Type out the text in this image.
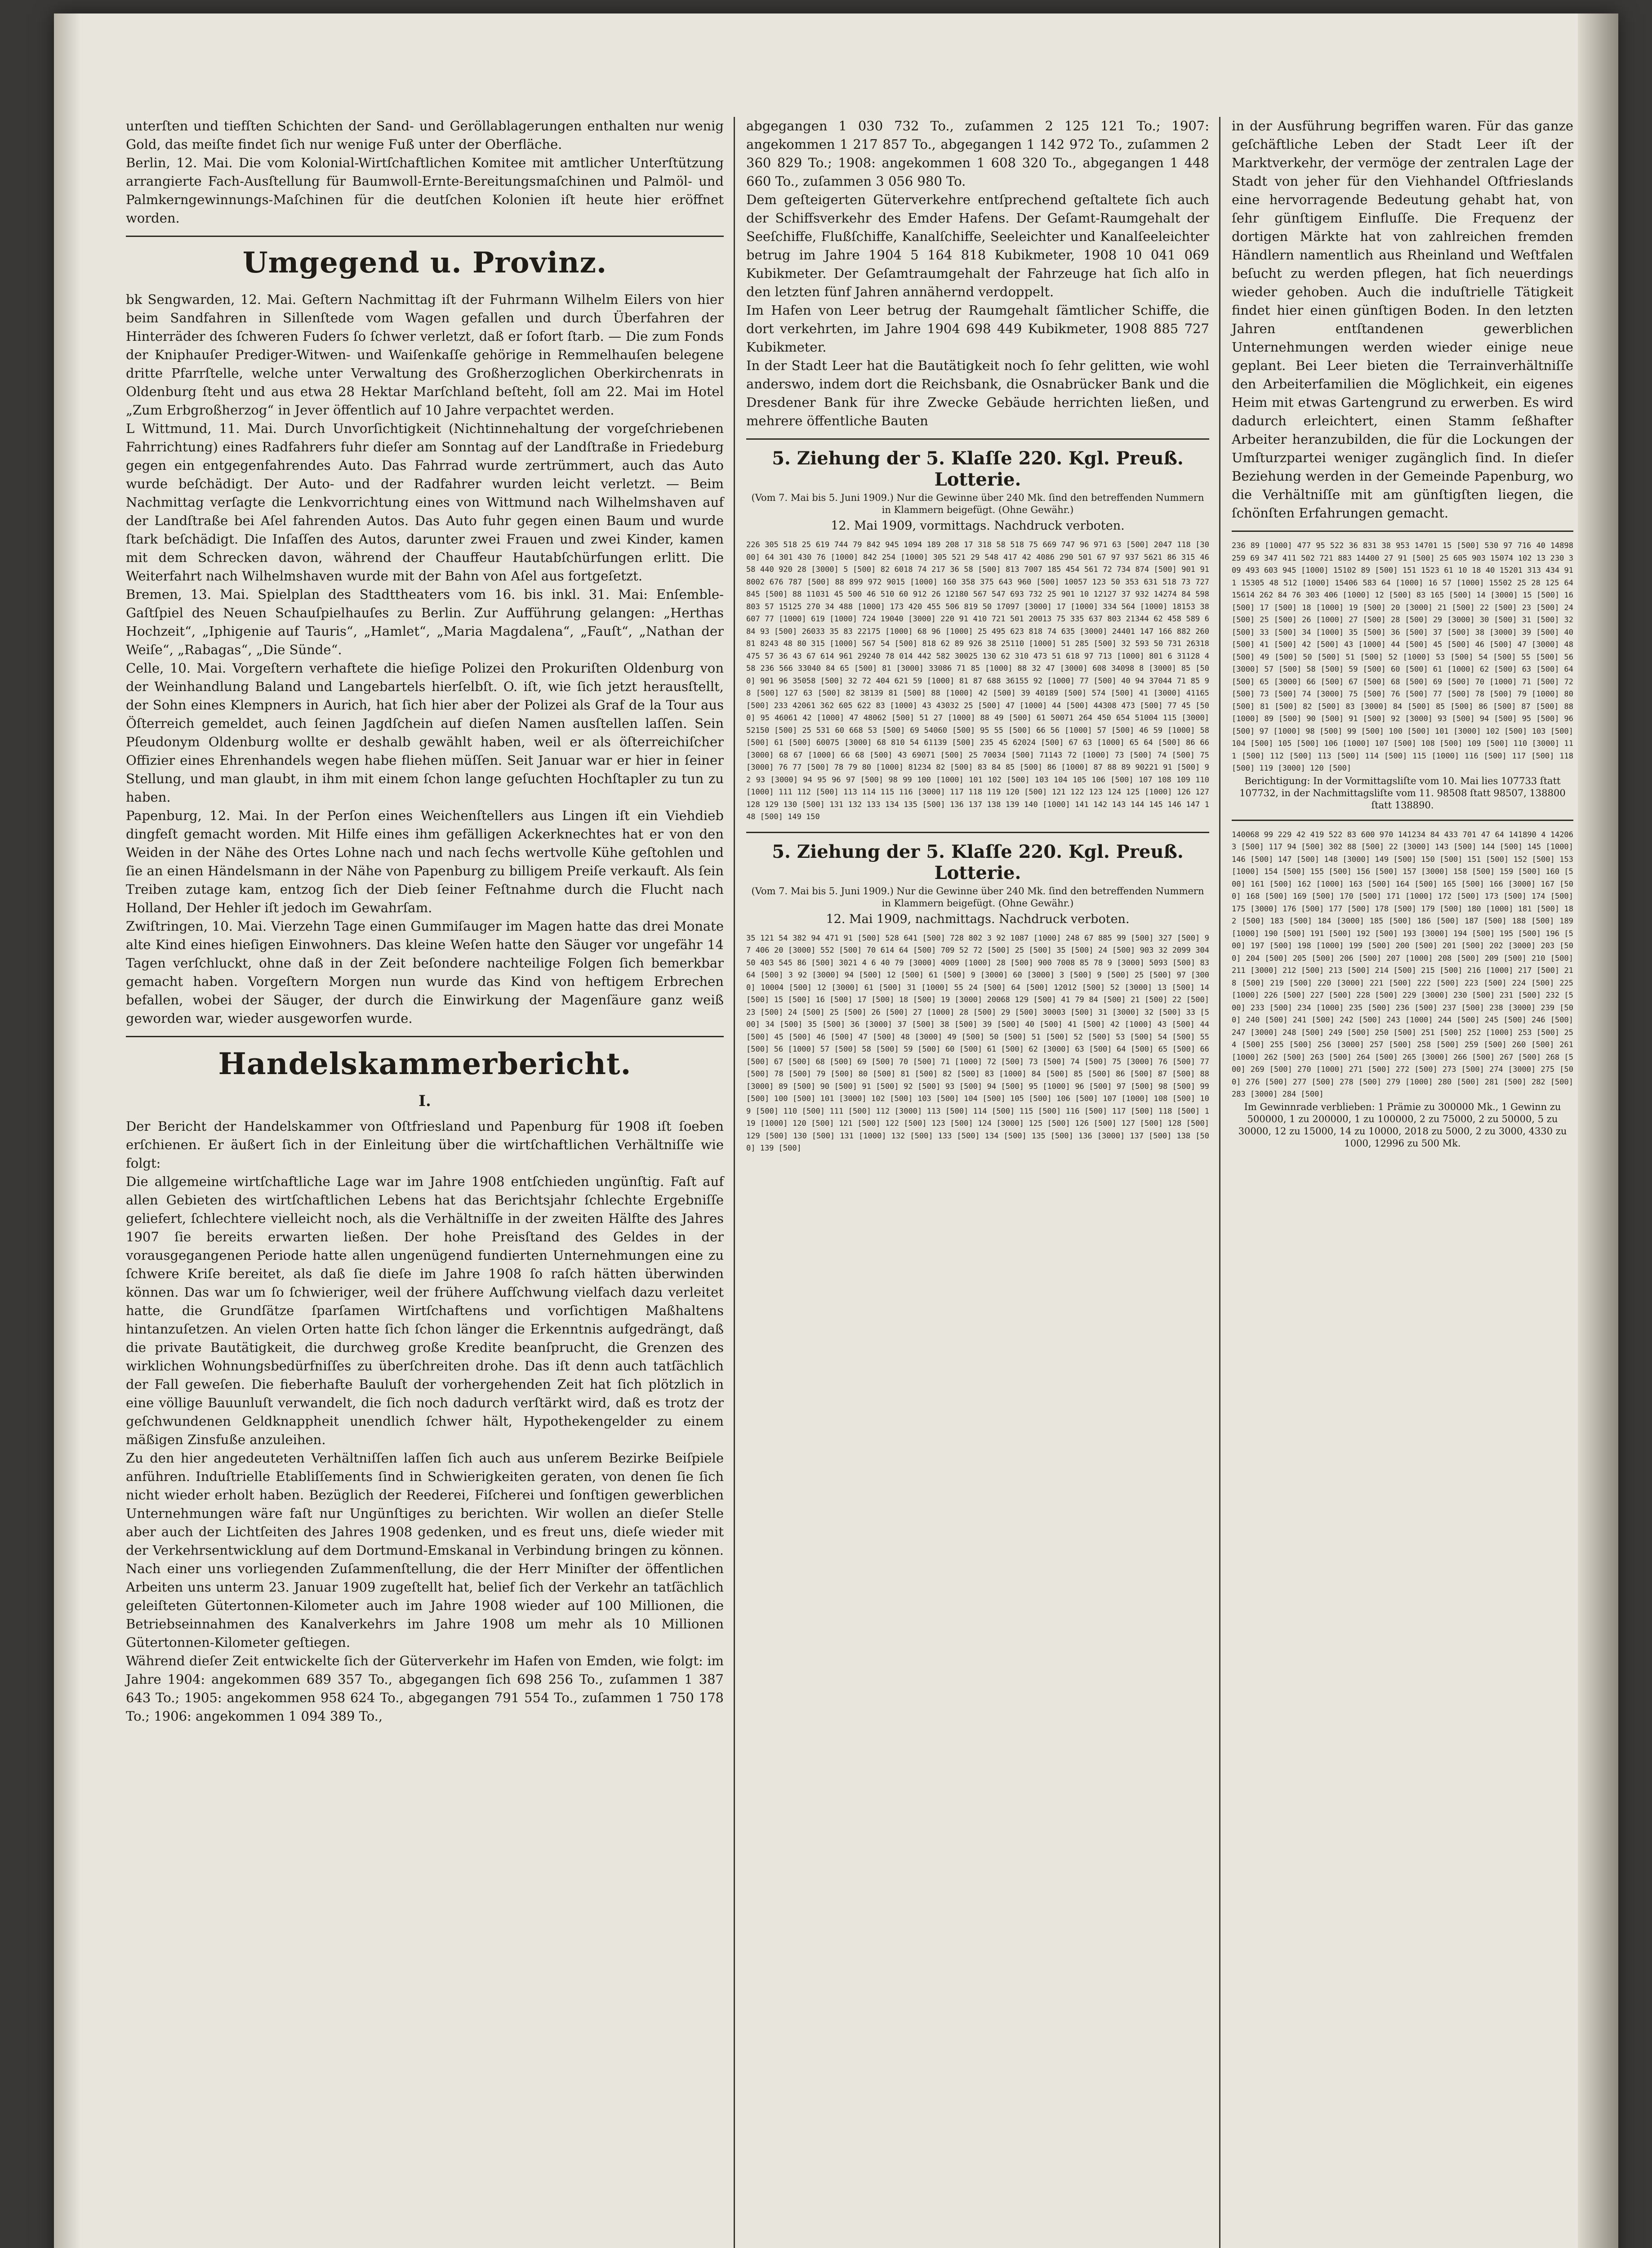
unterſten und tiefſten Schichten der Sand- und Geröllablagerungen enthalten nur wenig Gold, das meiſte findet ſich nur wenige Fuß unter der Oberfläche.
Berlin, 12. Mai. Die vom Kolonial-Wirtſchaftlichen Komitee mit amtlicher Unterſtützung arrangierte Fach-Ausſtellung für Baumwoll-Ernte-Bereitungsmaſchinen und Palmöl- und Palmkerngewinnungs-Maſchinen für die deutſchen Kolonien iſt heute hier eröffnet worden.

Umgegend u. Provinz.

bk Sengwarden, 12. Mai. Geſtern Nachmittag iſt der Fuhrmann Wilhelm Eilers von hier beim Sandfahren in Sillenſtede vom Wagen gefallen und durch Überfahren der Hinterräder des ſchweren Fuders ſo ſchwer verletzt, daß er ſofort ſtarb. — Die zum Fonds der Kniphauſer Prediger-Witwen- und Waiſenkaſſe gehörige in Remmelhauſen belegene dritte Pfarrſtelle, welche unter Verwaltung des Großherzoglichen Oberkirchenrats in Oldenburg ſteht und aus etwa 28 Hektar Marſchland beſteht, ſoll am 22. Mai im Hotel „Zum Erbgroßherzog“ in Jever öffentlich auf 10 Jahre verpachtet werden.
L Wittmund, 11. Mai. Durch Unvorſichtigkeit (Nichtinnehaltung der vorgeſchriebenen Fahrrichtung) eines Radfahrers fuhr dieſer am Sonntag auf der Landſtraße in Friedeburg gegen ein entgegenfahrendes Auto. Das Fahrrad wurde zertrümmert, auch das Auto wurde beſchädigt. Der Auto- und der Radfahrer wurden leicht verletzt. — Beim Nachmittag verſagte die Lenkvorrichtung eines von Wittmund nach Wilhelmshaven auf der Landſtraße bei Aſel fahrenden Autos. Das Auto fuhr gegen einen Baum und wurde ſtark beſchädigt. Die Inſaſſen des Autos, darunter zwei Frauen und zwei Kinder, kamen mit dem Schrecken davon, während der Chauffeur Hautabſchürfungen erlitt. Die Weiterfahrt nach Wilhelmshaven wurde mit der Bahn von Aſel aus fortgeſetzt.
Bremen, 13. Mai. Spielplan des Stadttheaters vom 16. bis inkl. 31. Mai: Enſemble-Gaſtſpiel des Neuen Schauſpielhauſes zu Berlin. Zur Aufführung gelangen: „Herthas Hochzeit“, „Iphigenie auf Tauris“, „Hamlet“, „Maria Magdalena“, „Fauſt“, „Nathan der Weiſe“, „Rabagas“, „Die Sünde“.
Celle, 10. Mai. Vorgeſtern verhaftete die hieſige Polizei den Prokuriſten Oldenburg von der Weinhandlung Baland und Langebartels hierſelbſt. O. iſt, wie ſich jetzt herausſtellt, der Sohn eines Klempners in Aurich, hat ſich hier aber der Polizei als Graf de la Tour aus Öſterreich gemeldet, auch ſeinen Jagdſchein auf dieſen Namen ausſtellen laſſen. Sein Pſeudonym Oldenburg wollte er deshalb gewählt haben, weil er als öſterreichiſcher Offizier eines Ehrenhandels wegen habe fliehen müſſen. Seit Januar war er hier in ſeiner Stellung, und man glaubt, in ihm mit einem ſchon lange geſuchten Hochſtapler zu tun zu haben.
Papenburg, 12. Mai. In der Perſon eines Weichenſtellers aus Lingen iſt ein Viehdieb dingfeſt gemacht worden. Mit Hilfe eines ihm gefälligen Ackerknechtes hat er von den Weiden in der Nähe des Ortes Lohne nach und nach ſechs wertvolle Kühe geſtohlen und ſie an einen Händelsmann in der Nähe von Papenburg zu billigem Preiſe verkauft. Als ſein Treiben zutage kam, entzog ſich der Dieb ſeiner Feſtnahme durch die Flucht nach Holland, Der Hehler iſt jedoch im Gewahrſam.
Zwiſtringen, 10. Mai. Vierzehn Tage einen Gummiſauger im Magen hatte das drei Monate alte Kind eines hieſigen Einwohners. Das kleine Weſen hatte den Säuger vor ungefähr 14 Tagen verſchluckt, ohne daß in der Zeit beſondere nachteilige Folgen ſich bemerkbar gemacht haben. Vorgeſtern Morgen nun wurde das Kind von heftigem Erbrechen befallen, wobei der Säuger, der durch die Einwirkung der Magenſäure ganz weiß geworden war, wieder ausgeworfen wurde.

Handelskammerbericht.
I.

Der Bericht der Handelskammer von Oſtfriesland und Papenburg für 1908 iſt ſoeben erſchienen. Er äußert ſich in der Einleitung über die wirtſchaftlichen Verhältniſſe wie folgt:
Die allgemeine wirtſchaftliche Lage war im Jahre 1908 entſchieden ungünſtig. Faſt auf allen Gebieten des wirtſchaftlichen Lebens hat das Berichtsjahr ſchlechte Ergebniſſe geliefert, ſchlechtere vielleicht noch, als die Verhältniſſe in der zweiten Hälfte des Jahres 1907 ſie bereits erwarten ließen. Der hohe Preisſtand des Geldes in der vorausgegangenen Periode hatte allen ungenügend fundierten Unternehmungen eine zu ſchwere Kriſe bereitet, als daß ſie dieſe im Jahre 1908 ſo raſch hätten überwinden können. Das war um ſo ſchwieriger, weil der frühere Aufſchwung vielfach dazu verleitet hatte, die Grundſätze ſparſamen Wirtſchaftens und vorſichtigen Maßhaltens hintanzuſetzen. An vielen Orten hatte ſich ſchon länger die Erkenntnis aufgedrängt, daß die private Bautätigkeit, die durchweg große Kredite beanſprucht, die Grenzen des wirklichen Wohnungsbedürfniſſes zu überſchreiten drohe. Das iſt denn auch tatſächlich der Fall geweſen. Die fieberhafte Bauluſt der vorhergehenden Zeit hat ſich plötzlich in eine völlige Bauunluſt verwandelt, die ſich noch dadurch verſtärkt wird, daß es trotz der geſchwundenen Geldknappheit unendlich ſchwer hält, Hypothekengelder zu einem mäßigen Zinsfuße anzuleihen.
Zu den hier angedeuteten Verhältniſſen laſſen ſich auch aus unſerem Bezirke Beiſpiele anführen. Induſtrielle Etabliſſements ſind in Schwierigkeiten geraten, von denen ſie ſich nicht wieder erholt haben. Bezüglich der Reederei, Fiſcherei und ſonſtigen gewerblichen Unternehmungen wäre faſt nur Ungünſtiges zu berichten. Wir wollen an dieſer Stelle aber auch der Lichtſeiten des Jahres 1908 gedenken, und es freut uns, dieſe wieder mit der Verkehrsentwicklung auf dem Dortmund-Emskanal in Verbindung bringen zu können. Nach einer uns vorliegenden Zuſammenſtellung, die der Herr Miniſter der öffentlichen Arbeiten uns unterm 23. Januar 1909 zugeſtellt hat, belief ſich der Verkehr an tatſächlich geleiſteten Gütertonnen-Kilometer auch im Jahre 1908 wieder auf 100 Millionen, die Betriebseinnahmen des Kanalverkehrs im Jahre 1908 um mehr als 10 Millionen Gütertonnen-Kilometer geſtiegen.
Während dieſer Zeit entwickelte ſich der Güterverkehr im Hafen von Emden, wie folgt: im Jahre 1904: angekommen 689 357 To., abgegangen ſich 698 256 To., zuſammen 1 387 643 To.; 1905: angekommen 958 624 To., abgegangen 791 554 To., zuſammen 1 750 178 To.; 1906: angekommen 1 094 389 To.,

abgegangen 1 030 732 To., zuſammen 2 125 121 To.; 1907: angekommen 1 217 857 To., abgegangen 1 142 972 To., zuſammen 2 360 829 To.; 1908: angekommen 1 608 320 To., abgegangen 1 448 660 To., zuſammen 3 056 980 To.
Dem geſteigerten Güterverkehre entſprechend geſtaltete ſich auch der Schiffsverkehr des Emder Hafens. Der Geſamt-Raumgehalt der Seeſchiffe, Flußſchiffe, Kanalſchiffe, Seeleichter und Kanalſeeleichter betrug im Jahre 1904 5 164 818 Kubikmeter, 1908 10 041 069 Kubikmeter. Der Geſamtraumgehalt der Fahrzeuge hat ſich alſo in den letzten fünf Jahren annähernd verdoppelt.
Im Hafen von Leer betrug der Raumgehalt ſämtlicher Schiffe, die dort verkehrten, im Jahre 1904 698 449 Kubikmeter, 1908 885 727 Kubikmeter.
In der Stadt Leer hat die Bautätigkeit noch ſo ſehr gelitten, wie wohl anderswo, indem dort die Reichsbank, die Osnabrücker Bank und die Dresdener Bank für ihre Zwecke Gebäude herrichten ließen, und mehrere öffentliche Bauten

5. Ziehung der 5. Klaſſe 220. Kgl. Preuß. Lotterie.
(Vom 7. Mai bis 5. Juni 1909.) Nur die Gewinne über 240 Mk. ſind den betreffenden Nummern in Klammern beigefügt. (Ohne Gewähr.)
12. Mai 1909, vormittags. Nachdruck verboten.

226 305 518 25 619 744 79 842 945 1094 189 208 17 318 58 518 75 669 747 96 971 63 [500] 2047 118 [3000] 64 301 430 76 [1000] 842 254 [1000] 305 521 29 548 417 42 4086 290 501 67 97 937 5621 86 315 46 58 440 920 28 [3000] 5 [500] 82 6018 74 217 36 58 [500] 813 7007 185 454 561 72 734 874 [500] 901 91 8002 676 787 [500] 88 899 972 9015 [1000] 160 358 375 643 960 [500] 10057 123 50 353 631 518 73 727 845 [500] 88 11031 45 500 46 510 60 912 26 12180 567 547 693 732 25 901 10 12127 37 932 14274 84 598 803 57 15125 270 34 488 [1000] 173 420 455 506 819 50 17097 [3000] 17 [1000] 334 564 [1000] 18153 38 607 77 [1000] 619 [1000] 724 19040 [3000] 220 91 410 721 501 20013 75 335 637 803 21344 62 458 589 684 93 [500] 26033 35 83 22175 [1000] 68 96 [1000] 25 495 623 818 74 635 [3000] 24401 147 166 882 26081 8243 48 80 315 [1000] 567 54 [500] 818 62 89 926 38 25110 [1000] 51 285 [500] 32 593 50 731 26318 475 57 36 43 67 614 961 29240 78 014 442 582 30025 130 62 310 473 51 618 97 713 [1000] 801 6 31128 458 236 566 33040 84 65 [500] 81 [3000] 33086 71 85 [1000] 88 32 47 [3000] 608 34098 8 [3000] 85 [500] 901 96 35058 [500] 32 72 404 621 59 [1000] 81 87 688 36155 92 [1000] 77 [500] 40 94 37044 71 85 98 [500] 127 63 [500] 82 38139 81 [500] 88 [1000] 42 [500] 39 40189 [500] 574 [500] 41 [3000] 41165 [500] 233 42061 362 605 622 83 [1000] 43 43032 25 [500] 47 [1000] 44 [500] 44308 473 [500] 77 45 [500] 95 46061 42 [1000] 47 48062 [500] 51 27 [1000] 88 49 [500] 61 50071 264 450 654 51004 115 [3000] 52150 [500] 25 531 60 668 53 [500] 69 54060 [500] 95 55 [500] 66 56 [1000] 57 [500] 46 59 [1000] 58 [500] 61 [500] 60075 [3000] 68 810 54 61139 [500] 235 45 62024 [500] 67 63 [1000] 65 64 [500] 86 66 [3000] 68 67 [1000] 66 68 [500] 43 69071 [500] 25 70034 [500] 71143 72 [1000] 73 [500] 74 [500] 75 [3000] 76 77 [500] 78 79 80 [1000] 81234 82 [500] 83 84 85 [500] 86 [1000] 87 88 89 90221 91 [500] 92 93 [3000] 94 95 96 97 [500] 98 99 100 [1000] 101 102 [500] 103 104 105 106 [500] 107 108 109 110 [1000] 111 112 [500] 113 114 115 116 [3000] 117 118 119 120 [500] 121 122 123 124 125 [1000] 126 127 128 129 130 [500] 131 132 133 134 135 [500] 136 137 138 139 140 [1000] 141 142 143 144 145 146 147 148 [500] 149 150

5. Ziehung der 5. Klaſſe 220. Kgl. Preuß. Lotterie.
(Vom 7. Mai bis 5. Juni 1909.) Nur die Gewinne über 240 Mk. ſind den betreffenden Nummern in Klammern beigefügt. (Ohne Gewähr.)
12. Mai 1909, nachmittags. Nachdruck verboten.

35 121 54 382 94 471 91 [500] 528 641 [500] 728 802 3 92 1087 [1000] 248 67 885 99 [500] 327 [500] 97 406 20 [3000] 552 [500] 70 614 64 [500] 709 52 72 [500] 25 [500] 35 [500] 24 [500] 903 32 2099 304 50 403 545 86 [500] 3021 4 6 40 79 [3000] 4009 [1000] 28 [500] 900 7008 85 78 9 [3000] 5093 [500] 83 64 [500] 3 92 [3000] 94 [500] 12 [500] 61 [500] 9 [3000] 60 [3000] 3 [500] 9 [500] 25 [500] 97 [3000] 10004 [500] 12 [3000] 61 [500] 31 [1000] 55 24 [500] 64 [500] 12012 [500] 52 [3000] 13 [500] 14 [500] 15 [500] 16 [500] 17 [500] 18 [500] 19 [3000] 20068 129 [500] 41 79 84 [500] 21 [500] 22 [500] 23 [500] 24 [500] 25 [500] 26 [500] 27 [1000] 28 [500] 29 [500] 30003 [500] 31 [3000] 32 [500] 33 [500] 34 [500] 35 [500] 36 [3000] 37 [500] 38 [500] 39 [500] 40 [500] 41 [500] 42 [1000] 43 [500] 44 [500] 45 [500] 46 [500] 47 [500] 48 [3000] 49 [500] 50 [500] 51 [500] 52 [500] 53 [500] 54 [500] 55 [500] 56 [1000] 57 [500] 58 [500] 59 [500] 60 [500] 61 [500] 62 [3000] 63 [500] 64 [500] 65 [500] 66 [500] 67 [500] 68 [500] 69 [500] 70 [500] 71 [1000] 72 [500] 73 [500] 74 [500] 75 [3000] 76 [500] 77 [500] 78 [500] 79 [500] 80 [500] 81 [500] 82 [500] 83 [1000] 84 [500] 85 [500] 86 [500] 87 [500] 88 [3000] 89 [500] 90 [500] 91 [500] 92 [500] 93 [500] 94 [500] 95 [1000] 96 [500] 97 [500] 98 [500] 99 [500] 100 [500] 101 [3000] 102 [500] 103 [500] 104 [500] 105 [500] 106 [500] 107 [1000] 108 [500] 109 [500] 110 [500] 111 [500] 112 [3000] 113 [500] 114 [500] 115 [500] 116 [500] 117 [500] 118 [500] 119 [1000] 120 [500] 121 [500] 122 [500] 123 [500] 124 [3000] 125 [500] 126 [500] 127 [500] 128 [500] 129 [500] 130 [500] 131 [1000] 132 [500] 133 [500] 134 [500] 135 [500] 136 [3000] 137 [500] 138 [500] 139 [500]

in der Ausführung begriffen waren. Für das ganze geſchäftliche Leben der Stadt Leer iſt der Marktverkehr, der vermöge der zentralen Lage der Stadt von jeher für den Viehhandel Oſtfrieslands eine hervorragende Bedeutung gehabt hat, von ſehr günſtigem Einfluſſe. Die Frequenz der dortigen Märkte hat von zahlreichen fremden Händlern namentlich aus Rheinland und Weſtfalen beſucht zu werden pflegen, hat ſich neuerdings wieder gehoben. Auch die induſtrielle Tätigkeit findet hier einen günſtigen Boden. In den letzten Jahren entſtandenen gewerblichen Unternehmungen werden wieder einige neue geplant. Bei Leer bieten die Terrainverhältniſſe den Arbeiterfamilien die Möglichkeit, ein eigenes Heim mit etwas Gartengrund zu erwerben. Es wird dadurch erleichtert, einen Stamm ſeßhafter Arbeiter heranzubilden, die für die Lockungen der Umſturzpartei weniger zugänglich ſind. In dieſer Beziehung werden in der Gemeinde Papenburg, wo die Verhältniſſe mit am günſtigſten liegen, die ſchönſten Erfahrungen gemacht.

236 89 [1000] 477 95 522 36 831 38 953 14701 15 [500] 530 97 716 40 14898 259 69 347 411 502 721 883 14400 27 91 [500] 25 605 903 15074 102 13 230 309 493 603 945 [1000] 15102 89 [500] 151 1523 61 10 18 40 15201 313 434 911 15305 48 512 [1000] 15406 583 64 [1000] 16 57 [1000] 15502 25 28 125 64 15614 262 84 76 303 406 [1000] 12 [500] 83 165 [500] 14 [3000] 15 [500] 16 [500] 17 [500] 18 [1000] 19 [500] 20 [3000] 21 [500] 22 [500] 23 [500] 24 [500] 25 [500] 26 [1000] 27 [500] 28 [500] 29 [3000] 30 [500] 31 [500] 32 [500] 33 [500] 34 [1000] 35 [500] 36 [500] 37 [500] 38 [3000] 39 [500] 40 [500] 41 [500] 42 [500] 43 [1000] 44 [500] 45 [500] 46 [500] 47 [3000] 48 [500] 49 [500] 50 [500] 51 [500] 52 [1000] 53 [500] 54 [500] 55 [500] 56 [3000] 57 [500] 58 [500] 59 [500] 60 [500] 61 [1000] 62 [500] 63 [500] 64 [500] 65 [3000] 66 [500] 67 [500] 68 [500] 69 [500] 70 [1000] 71 [500] 72 [500] 73 [500] 74 [3000] 75 [500] 76 [500] 77 [500] 78 [500] 79 [1000] 80 [500] 81 [500] 82 [500] 83 [3000] 84 [500] 85 [500] 86 [500] 87 [500] 88 [1000] 89 [500] 90 [500] 91 [500] 92 [3000] 93 [500] 94 [500] 95 [500] 96 [500] 97 [1000] 98 [500] 99 [500] 100 [500] 101 [3000] 102 [500] 103 [500] 104 [500] 105 [500] 106 [1000] 107 [500] 108 [500] 109 [500] 110 [3000] 111 [500] 112 [500] 113 [500] 114 [500] 115 [1000] 116 [500] 117 [500] 118 [500] 119 [3000] 120 [500]

Berichtigung: In der Vormittagsliſte vom 10. Mai lies 107733 ſtatt 107732, in der Nachmittagsliſte vom 11. 98508 ſtatt 98507, 138800 ſtatt 138890.

140068 99 229 42 419 522 83 600 970 141234 84 433 701 47 64 141890 4 142063 [500] 117 94 [500] 302 88 [500] 22 [3000] 143 [500] 144 [500] 145 [1000] 146 [500] 147 [500] 148 [3000] 149 [500] 150 [500] 151 [500] 152 [500] 153 [1000] 154 [500] 155 [500] 156 [500] 157 [3000] 158 [500] 159 [500] 160 [500] 161 [500] 162 [1000] 163 [500] 164 [500] 165 [500] 166 [3000] 167 [500] 168 [500] 169 [500] 170 [500] 171 [1000] 172 [500] 173 [500] 174 [500] 175 [3000] 176 [500] 177 [500] 178 [500] 179 [500] 180 [1000] 181 [500] 182 [500] 183 [500] 184 [3000] 185 [500] 186 [500] 187 [500] 188 [500] 189 [1000] 190 [500] 191 [500] 192 [500] 193 [3000] 194 [500] 195 [500] 196 [500] 197 [500] 198 [1000] 199 [500] 200 [500] 201 [500] 202 [3000] 203 [500] 204 [500] 205 [500] 206 [500] 207 [1000] 208 [500] 209 [500] 210 [500] 211 [3000] 212 [500] 213 [500] 214 [500] 215 [500] 216 [1000] 217 [500] 218 [500] 219 [500] 220 [3000] 221 [500] 222 [500] 223 [500] 224 [500] 225 [1000] 226 [500] 227 [500] 228 [500] 229 [3000] 230 [500] 231 [500] 232 [500] 233 [500] 234 [1000] 235 [500] 236 [500] 237 [500] 238 [3000] 239 [500] 240 [500] 241 [500] 242 [500] 243 [1000] 244 [500] 245 [500] 246 [500] 247 [3000] 248 [500] 249 [500] 250 [500] 251 [500] 252 [1000] 253 [500] 254 [500] 255 [500] 256 [3000] 257 [500] 258 [500] 259 [500] 260 [500] 261 [1000] 262 [500] 263 [500] 264 [500] 265 [3000] 266 [500] 267 [500] 268 [500] 269 [500] 270 [1000] 271 [500] 272 [500] 273 [500] 274 [3000] 275 [500] 276 [500] 277 [500] 278 [500] 279 [1000] 280 [500] 281 [500] 282 [500] 283 [3000] 284 [500]

Im Gewinnrade verblieben: 1 Prämie zu 300000 Mk., 1 Gewinn zu 500000, 1 zu 200000, 1 zu 100000, 2 zu 75000, 2 zu 50000, 5 zu 30000, 12 zu 15000, 14 zu 10000, 2018 zu 5000, 2 zu 3000, 4330 zu 1000, 12996 zu 500 Mk.
